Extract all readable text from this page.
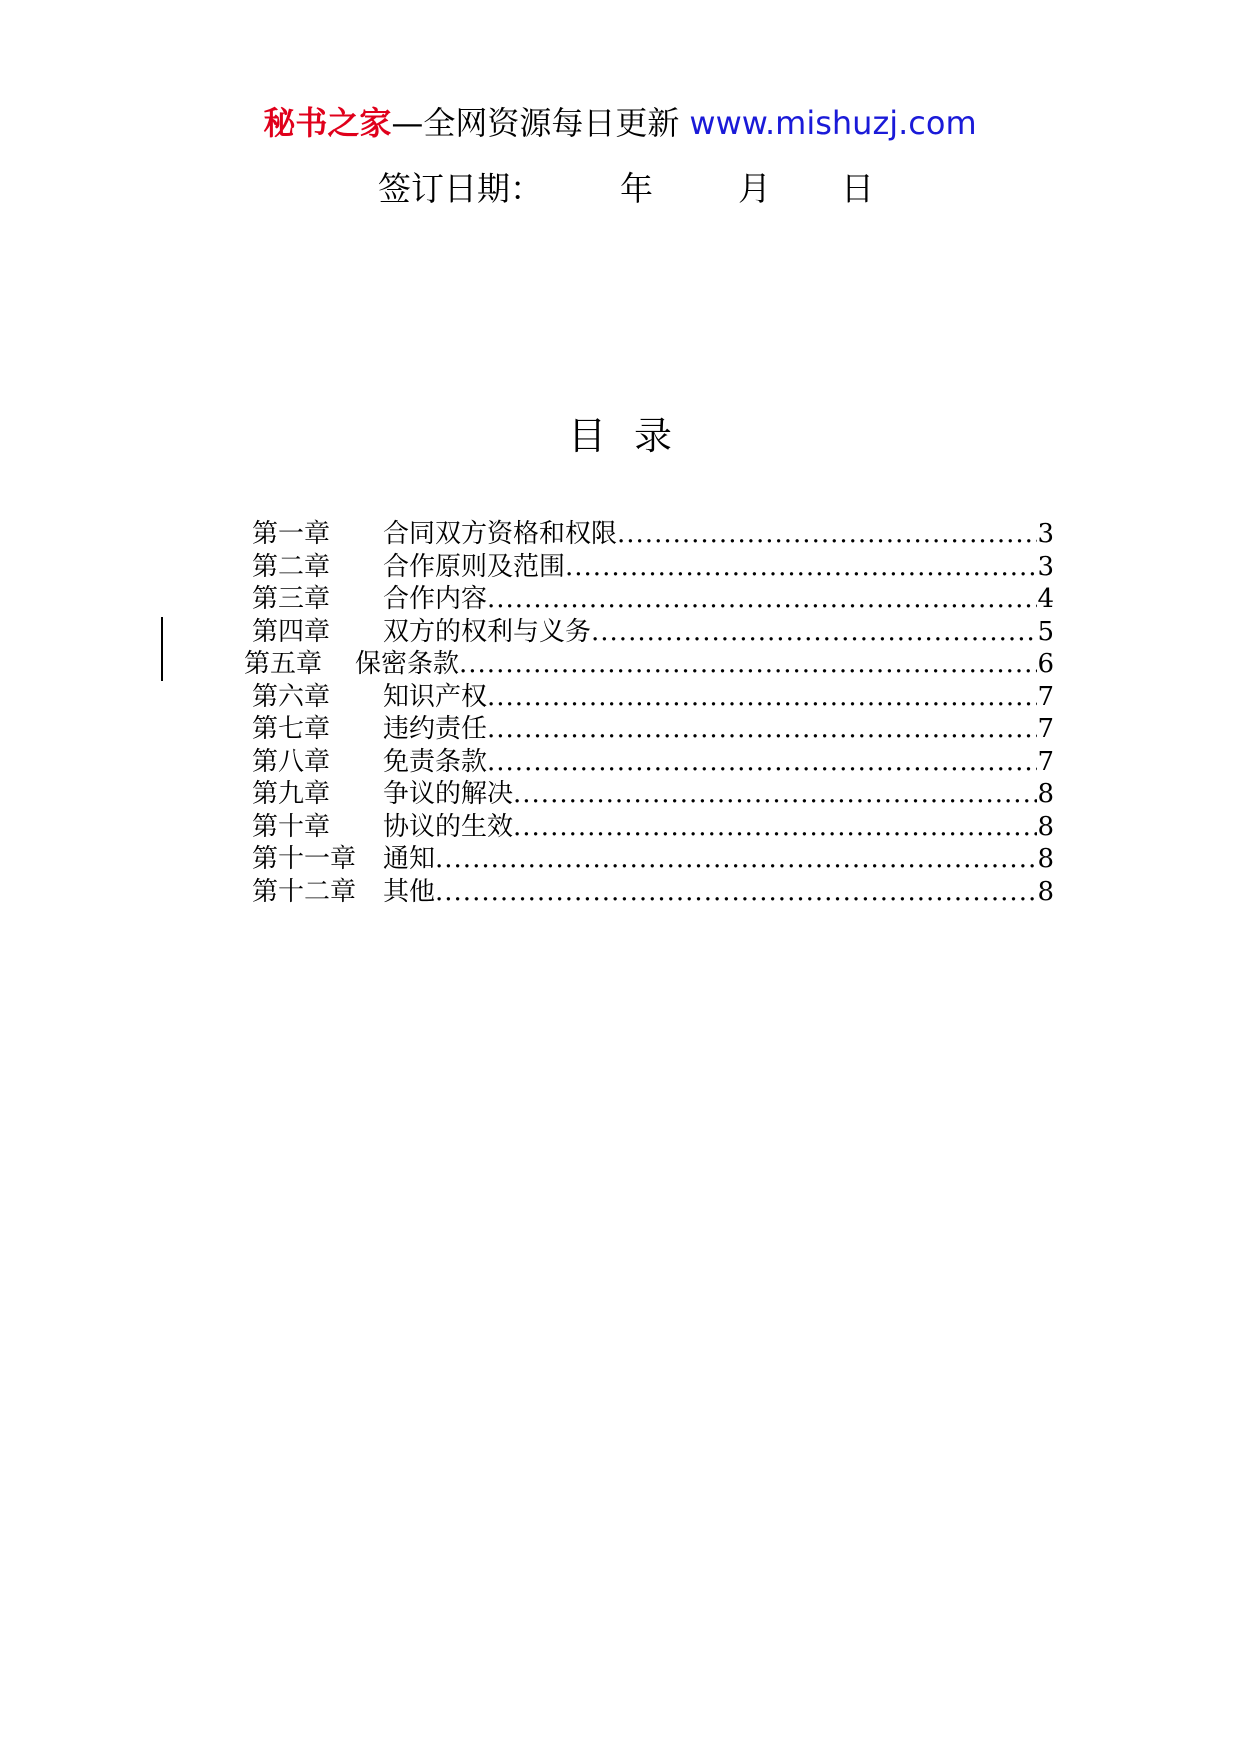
秘书之家—全网资源每日更新 www.mishuzj.com
签订日期： 年	月 日
目录
第一章	合同双方资格和权限 .....	3
第二章	合作原则及范围 .....	3
第三章	合作内容 .....	4
第四章	双方的权利与义务 .....	5
第五章	保密条款 .....	6
第六章	知识产权 .....	7
第七章	违约责任 .....	7
第八章	免责条款 .....	7
第九章	争议的解决 .....	8
第十章	协议的生效 .....	8
第十一章	通知 .....	8
第十二章	其他 .....	8
